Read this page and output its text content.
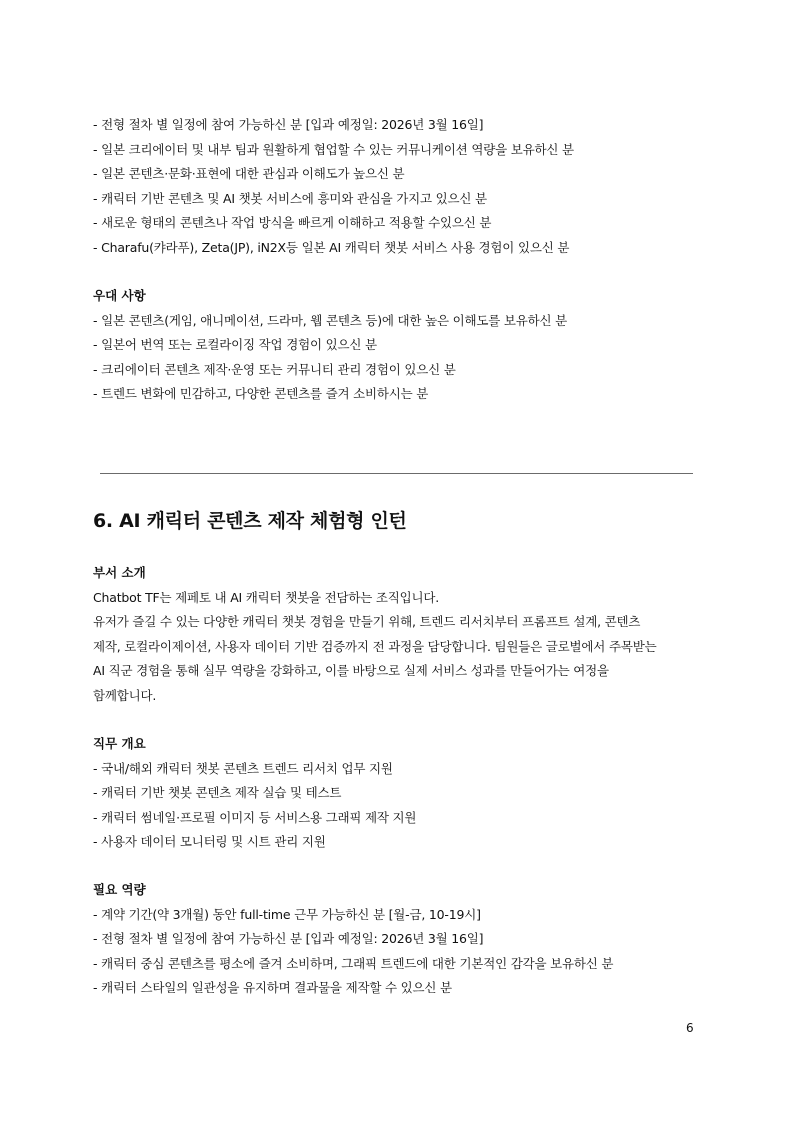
- 전형 절차 별 일정에 참여 가능하신 분 [입과 예정일: 2026년 3월 16일]
- 일본 크리에이터 및 내부 팀과 원활하게 협업할 수 있는 커뮤니케이션 역량을 보유하신 분
- 일본 콘텐츠·문화·표현에 대한 관심과 이해도가 높으신 분
- 캐릭터 기반 콘텐츠 및 AI 챗봇 서비스에 흥미와 관심을 가지고 있으신 분
- 새로운 형태의 콘텐츠나 작업 방식을 빠르게 이해하고 적용할 수있으신 분
- Charafu(캬라푸), Zeta(JP), iN2X등 일본 AI 캐릭터 챗봇 서비스 사용 경험이 있으신 분
우대 사항
- 일본 콘텐츠(게임, 애니메이션, 드라마, 웹 콘텐츠 등)에 대한 높은 이해도를 보유하신 분
- 일본어 번역 또는 로컬라이징 작업 경험이 있으신 분
- 크리에이터 콘텐츠 제작·운영 또는 커뮤니티 관리 경험이 있으신 분
- 트렌드 변화에 민감하고, 다양한 콘텐츠를 즐겨 소비하시는 분
6. AI 캐릭터 콘텐츠 제작 체험형 인턴
부서 소개
Chatbot TF는 제페토 내 AI 캐릭터 챗봇을 전담하는 조직입니다.
유저가 즐길 수 있는 다양한 캐릭터 챗봇 경험을 만들기 위해, 트렌드 리서치부터 프롬프트 설계, 콘텐츠
제작, 로컬라이제이션, 사용자 데이터 기반 검증까지 전 과정을 담당합니다. 팀원들은 글로벌에서 주목받는
AI 직군 경험을 통해 실무 역량을 강화하고, 이를 바탕으로 실제 서비스 성과를 만들어가는 여정을
함께합니다.
직무 개요
- 국내/해외 캐릭터 챗봇 콘텐츠 트렌드 리서치 업무 지원
- 캐릭터 기반 챗봇 콘텐츠 제작 실습 및 테스트
- 캐릭터 썸네일·프로필 이미지 등 서비스용 그래픽 제작 지원
- 사용자 데이터 모니터링 및 시트 관리 지원
필요 역량
- 계약 기간(약 3개월) 동안 full-time 근무 가능하신 분 [월-금, 10-19시]
- 전형 절차 별 일정에 참여 가능하신 분 [입과 예정일: 2026년 3월 16일]
- 캐릭터 중심 콘텐츠를 평소에 즐겨 소비하며, 그래픽 트렌드에 대한 기본적인 감각을 보유하신 분
- 캐릭터 스타일의 일관성을 유지하며 결과물을 제작할 수 있으신 분
6
